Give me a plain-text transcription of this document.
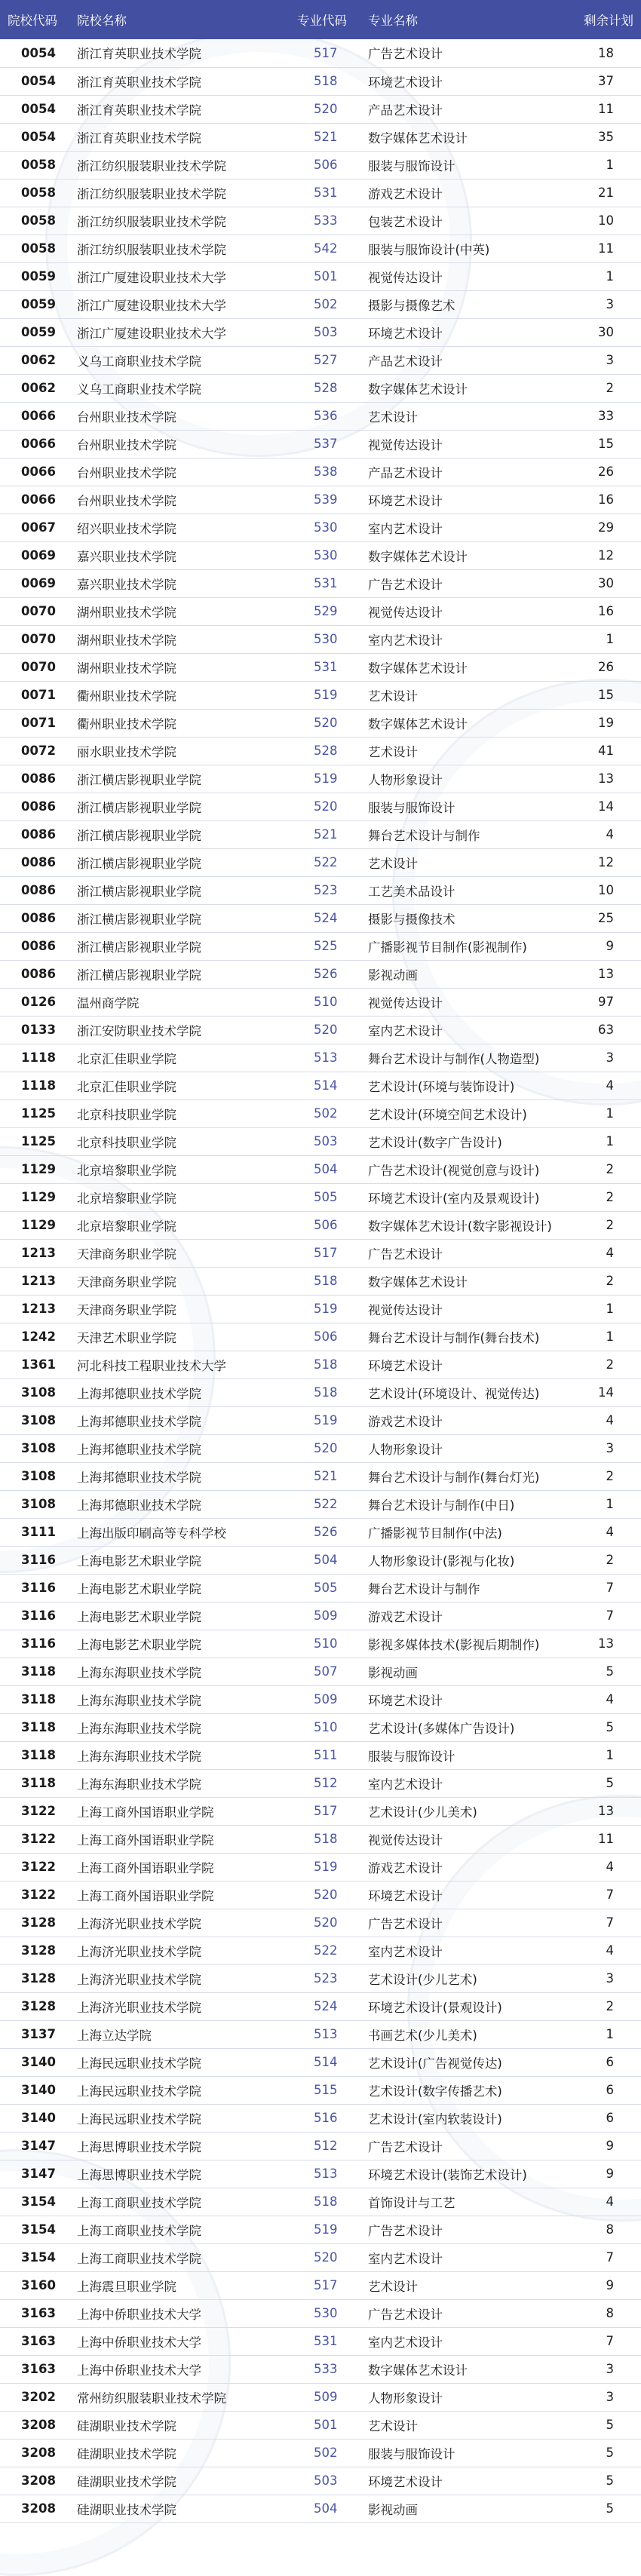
院校代码	院校名称	专业代码	专业名称	剩余计划
0054	浙江育英职业技术学院	517	广告艺术设计	18
0054	浙江育英职业技术学院	518	环境艺术设计	37
0054	浙江育英职业技术学院	520	产品艺术设计	11
0054	浙江育英职业技术学院	521	数字媒体艺术设计	35
0058	浙江纺织服装职业技术学院	506	服装与服饰设计	1
0058	浙江纺织服装职业技术学院	531	游戏艺术设计	21
0058	浙江纺织服装职业技术学院	533	包装艺术设计	10
0058	浙江纺织服装职业技术学院	542	服装与服饰设计(中英)	11
0059	浙江广厦建设职业技术大学	501	视觉传达设计	1
0059	浙江广厦建设职业技术大学	502	摄影与摄像艺术	3
0059	浙江广厦建设职业技术大学	503	环境艺术设计	30
0062	义乌工商职业技术学院	527	产品艺术设计	3
0062	义乌工商职业技术学院	528	数字媒体艺术设计	2
0066	台州职业技术学院	536	艺术设计	33
0066	台州职业技术学院	537	视觉传达设计	15
0066	台州职业技术学院	538	产品艺术设计	26
0066	台州职业技术学院	539	环境艺术设计	16
0067	绍兴职业技术学院	530	室内艺术设计	29
0069	嘉兴职业技术学院	530	数字媒体艺术设计	12
0069	嘉兴职业技术学院	531	广告艺术设计	30
0070	湖州职业技术学院	529	视觉传达设计	16
0070	湖州职业技术学院	530	室内艺术设计	1
0070	湖州职业技术学院	531	数字媒体艺术设计	26
0071	衢州职业技术学院	519	艺术设计	15
0071	衢州职业技术学院	520	数字媒体艺术设计	19
0072	丽水职业技术学院	528	艺术设计	41
0086	浙江横店影视职业学院	519	人物形象设计	13
0086	浙江横店影视职业学院	520	服装与服饰设计	14
0086	浙江横店影视职业学院	521	舞台艺术设计与制作	4
0086	浙江横店影视职业学院	522	艺术设计	12
0086	浙江横店影视职业学院	523	工艺美术品设计	10
0086	浙江横店影视职业学院	524	摄影与摄像技术	25
0086	浙江横店影视职业学院	525	广播影视节目制作(影视制作)	9
0086	浙江横店影视职业学院	526	影视动画	13
0126	温州商学院	510	视觉传达设计	97
0133	浙江安防职业技术学院	520	室内艺术设计	63
1118	北京汇佳职业学院	513	舞台艺术设计与制作(人物造型)	3
1118	北京汇佳职业学院	514	艺术设计(环境与装饰设计)	4
1125	北京科技职业学院	502	艺术设计(环境空间艺术设计)	1
1125	北京科技职业学院	503	艺术设计(数字广告设计)	1
1129	北京培黎职业学院	504	广告艺术设计(视觉创意与设计)	2
1129	北京培黎职业学院	505	环境艺术设计(室内及景观设计)	2
1129	北京培黎职业学院	506	数字媒体艺术设计(数字影视设计)	2
1213	天津商务职业学院	517	广告艺术设计	4
1213	天津商务职业学院	518	数字媒体艺术设计	2
1213	天津商务职业学院	519	视觉传达设计	1
1242	天津艺术职业学院	506	舞台艺术设计与制作(舞台技术)	1
1361	河北科技工程职业技术大学	518	环境艺术设计	2
3108	上海邦德职业技术学院	518	艺术设计(环境设计、视觉传达)	14
3108	上海邦德职业技术学院	519	游戏艺术设计	4
3108	上海邦德职业技术学院	520	人物形象设计	3
3108	上海邦德职业技术学院	521	舞台艺术设计与制作(舞台灯光)	2
3108	上海邦德职业技术学院	522	舞台艺术设计与制作(中日)	1
3111	上海出版印刷高等专科学校	526	广播影视节目制作(中法)	4
3116	上海电影艺术职业学院	504	人物形象设计(影视与化妆)	2
3116	上海电影艺术职业学院	505	舞台艺术设计与制作	7
3116	上海电影艺术职业学院	509	游戏艺术设计	7
3116	上海电影艺术职业学院	510	影视多媒体技术(影视后期制作)	13
3118	上海东海职业技术学院	507	影视动画	5
3118	上海东海职业技术学院	509	环境艺术设计	4
3118	上海东海职业技术学院	510	艺术设计(多媒体广告设计)	5
3118	上海东海职业技术学院	511	服装与服饰设计	1
3118	上海东海职业技术学院	512	室内艺术设计	5
3122	上海工商外国语职业学院	517	艺术设计(少儿美术)	13
3122	上海工商外国语职业学院	518	视觉传达设计	11
3122	上海工商外国语职业学院	519	游戏艺术设计	4
3122	上海工商外国语职业学院	520	环境艺术设计	7
3128	上海济光职业技术学院	520	广告艺术设计	7
3128	上海济光职业技术学院	522	室内艺术设计	4
3128	上海济光职业技术学院	523	艺术设计(少儿艺术)	3
3128	上海济光职业技术学院	524	环境艺术设计(景观设计)	2
3137	上海立达学院	513	书画艺术(少儿美术)	1
3140	上海民远职业技术学院	514	艺术设计(广告视觉传达)	6
3140	上海民远职业技术学院	515	艺术设计(数字传播艺术)	6
3140	上海民远职业技术学院	516	艺术设计(室内软装设计)	6
3147	上海思博职业技术学院	512	广告艺术设计	9
3147	上海思博职业技术学院	513	环境艺术设计(装饰艺术设计)	9
3154	上海工商职业技术学院	518	首饰设计与工艺	4
3154	上海工商职业技术学院	519	广告艺术设计	8
3154	上海工商职业技术学院	520	室内艺术设计	7
3160	上海震旦职业学院	517	艺术设计	9
3163	上海中侨职业技术大学	530	广告艺术设计	8
3163	上海中侨职业技术大学	531	室内艺术设计	7
3163	上海中侨职业技术大学	533	数字媒体艺术设计	3
3202	常州纺织服装职业技术学院	509	人物形象设计	3
3208	硅湖职业技术学院	501	艺术设计	5
3208	硅湖职业技术学院	502	服装与服饰设计	5
3208	硅湖职业技术学院	503	环境艺术设计	5
3208	硅湖职业技术学院	504	影视动画	5
